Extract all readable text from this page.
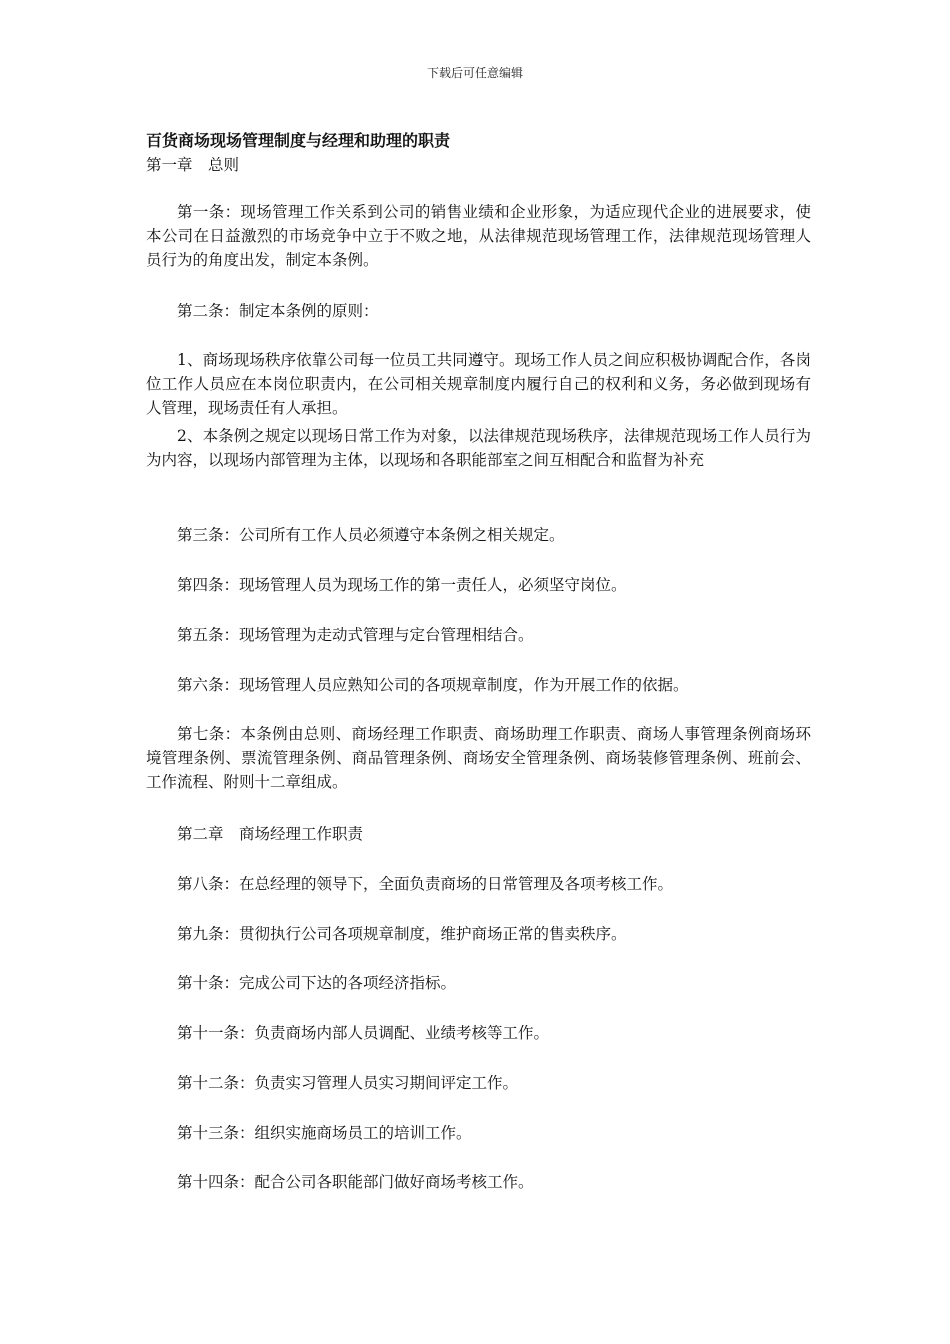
下载后可任意编辑
百货商场现场管理制度与经理和助理的职责
第一章　总则
第一条：现场管理工作关系到公司的销售业绩和企业形象，为适应现代企业的进展要求，使本公司在日益激烈的市场竞争中立于不败之地，从法律规范现场管理工作，法律规范现场管理人员行为的角度出发，制定本条例。
第二条：制定本条例的原则：
1、商场现场秩序依靠公司每一位员工共同遵守。现场工作人员之间应积极协调配合作，各岗位工作人员应在本岗位职责内，在公司相关规章制度内履行自己的权利和义务，务必做到现场有人管理，现场责任有人承担。
2、本条例之规定以现场日常工作为对象，以法律规范现场秩序，法律规范现场工作人员行为为内容，以现场内部管理为主体，以现场和各职能部室之间互相配合和监督为补充
第三条：公司所有工作人员必须遵守本条例之相关规定。
第四条：现场管理人员为现场工作的第一责任人，必须坚守岗位。
第五条：现场管理为走动式管理与定台管理相结合。
第六条：现场管理人员应熟知公司的各项规章制度，作为开展工作的依据。
第七条：本条例由总则、商场经理工作职责、商场助理工作职责、商场人事管理条例商场环境管理条例、票流管理条例、商品管理条例、商场安全管理条例、商场装修管理条例、班前会、工作流程、附则十二章组成。
第二章　商场经理工作职责
第八条：在总经理的领导下，全面负责商场的日常管理及各项考核工作。
第九条：贯彻执行公司各项规章制度，维护商场正常的售卖秩序。
第十条：完成公司下达的各项经济指标。
第十一条：负责商场内部人员调配、业绩考核等工作。
第十二条：负责实习管理人员实习期间评定工作。
第十三条：组织实施商场员工的培训工作。
第十四条：配合公司各职能部门做好商场考核工作。
